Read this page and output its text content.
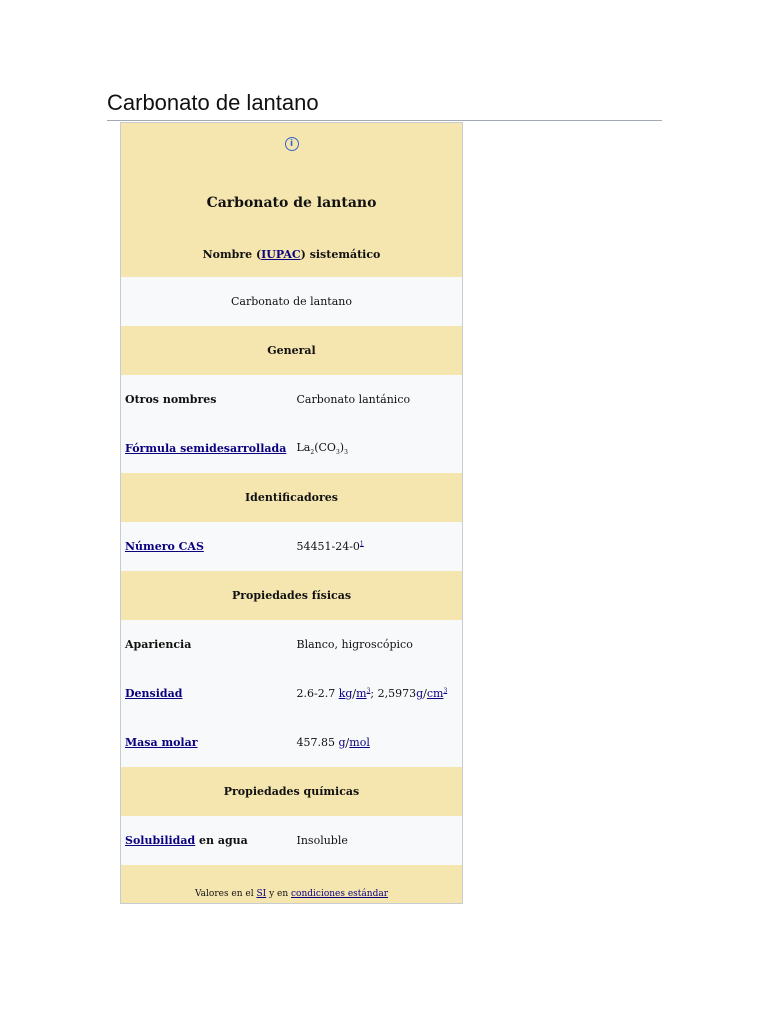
Carbonato de lantano
i
Carbonato de lantano
Nombre (IUPAC) sistemático
Carbonato de lantano
General
Otros nombres	Carbonato lantánico
Fórmula semidesarrollada $La_2(CO_3)_3$
Identificadores
Número CAS	$54451-24-0^1$
Propiedades físicas
Apariencia	Blanco, higroscópico
Densidad	2.6-2.7 $kg/m^3$; $2,5973g/cm^3$
Masa molar	457.85 g/mol
Propiedades químicas
Solubilidad en agua	Insoluble
Valores en el SI y en condiciones estándar
